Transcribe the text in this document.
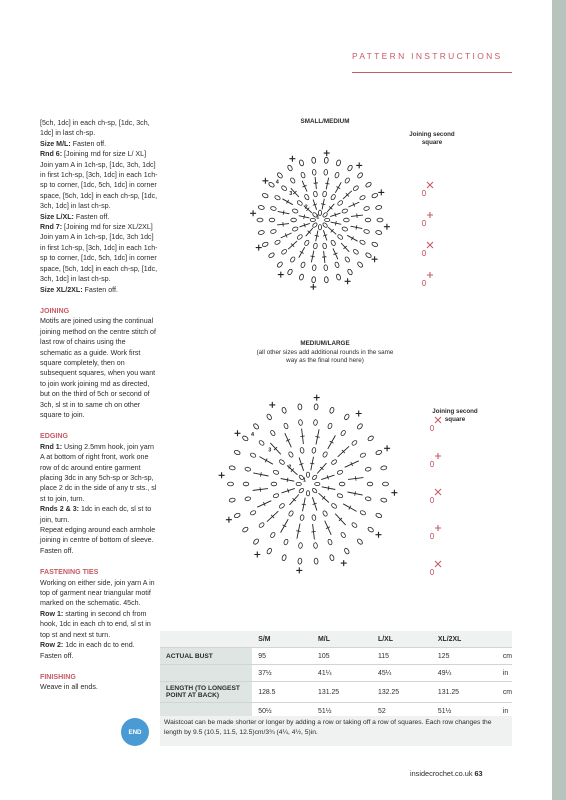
PATTERN INSTRUCTIONS

[5ch, 1dc] in each ch-sp, [1dc, 3ch, 1dc] in last ch-sp.

Size M/L: Fasten off.

Rnd 6: [Joining rnd for size L/ XL] Join yarn A in 1ch-sp, [1dc, 3ch, 1dc] in first 1ch-sp, [3ch, 1dc] in each 1ch-sp to corner, [1dc, 5ch, 1dc] in corner space, [5ch, 1dc] in each ch-sp, [1dc, 3ch, 1dc] in last ch-sp.

Size L/XL: Fasten off.

Rnd 7: [Joining rnd for size XL/2XL] Join yarn A in 1ch-sp, [1dc, 3ch 1dc] in first 1ch-sp, [3ch, 1dc] in each 1ch-sp to corner, [1dc, 5ch, 1dc] in corner space, [5ch, 1dc] in each ch-sp, [1dc, 3ch, 1dc] in last ch-sp.

Size XL/2XL: Fasten off.

JOINING

Motifs are joined using the continual joining method on the centre stitch of last row of chains using the schematic as a guide. Work first square completely, then on subsequent squares, when you want to join work joining rnd as directed, but on the third of 5ch or second of 3ch, sl st in to same ch on other square to join.

EDGING

Rnd 1: Using 2.5mm hook, join yarn A at bottom of right front, work one row of dc around entire garment placing 3dc in any 5ch-sp or 3ch-sp, place 2 dc in the side of any tr sts., sl st to join, turn.

Rnds 2 & 3: 1dc in each dc, sl st to join, turn.

Repeat edging around each armhole joining in centre of bottom of sleeve. Fasten off.

FASTENING TIES

Working on either side, join yarn A in top of garment near triangular motif marked on the schematic. 45ch.

Row 1: starting in second ch from hook, 1dc in each ch to end, sl st in top st and next st turn.

Row 2: 1dc in each dc to end. Fasten off.

FINISHING

Weave in all ends.

END
SMALL/MEDIUM
Joining second square
1
2
3
4
MEDIUM/LARGE
(all other sizes add additional rounds in the same way as the final round here)
Joining second square
1
2
3
4
	S/M	M/L	L/XL	XL/2XL	
ACTUAL BUST	95	105	115	125	cm
	37½	41¼	45¼	49¼	in
LENGTH (TO LONGEST POINT AT BACK)	128.5	131.25	132.25	131.25	cm
	50½	51½	52	51½	in
Waistcoat can be made shorter or longer by adding a row or taking off a row of squares. Each row changes the length by 9.5 (10.5, 11.5, 12.5)cm/3¾ (4¼, 4½, 5)in.
insidecrochet.co.uk 63
PassionForum.ru
